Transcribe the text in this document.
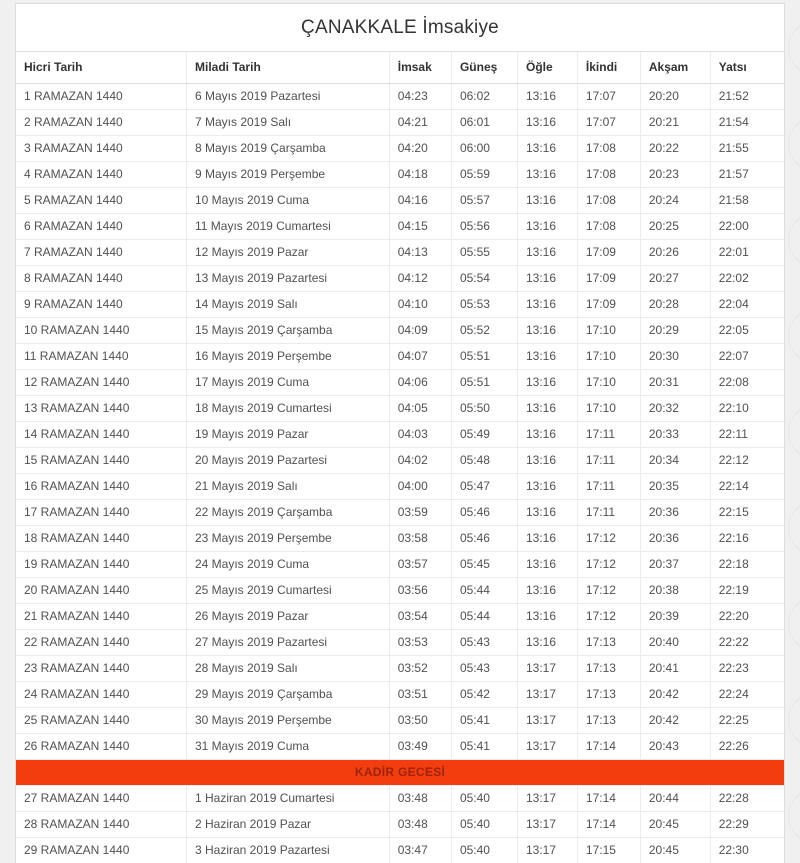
ÇANAKKALE İmsakiye
Hicri Tarih	Miladi Tarih	İmsak	Güneş	Öğle	İkindi	Akşam	Yatsı
1 RAMAZAN 1440	6 Mayıs 2019 Pazartesi	04:23	06:02	13:16	17:07	20:20	21:52
2 RAMAZAN 1440	7 Mayıs 2019 Salı	04:21	06:01	13:16	17:07	20:21	21:54
3 RAMAZAN 1440	8 Mayıs 2019 Çarşamba	04:20	06:00	13:16	17:08	20:22	21:55
4 RAMAZAN 1440	9 Mayıs 2019 Perşembe	04:18	05:59	13:16	17:08	20:23	21:57
5 RAMAZAN 1440	10 Mayıs 2019 Cuma	04:16	05:57	13:16	17:08	20:24	21:58
6 RAMAZAN 1440	11 Mayıs 2019 Cumartesi	04:15	05:56	13:16	17:08	20:25	22:00
7 RAMAZAN 1440	12 Mayıs 2019 Pazar	04:13	05:55	13:16	17:09	20:26	22:01
8 RAMAZAN 1440	13 Mayıs 2019 Pazartesi	04:12	05:54	13:16	17:09	20:27	22:02
9 RAMAZAN 1440	14 Mayıs 2019 Salı	04:10	05:53	13:16	17:09	20:28	22:04
10 RAMAZAN 1440	15 Mayıs 2019 Çarşamba	04:09	05:52	13:16	17:10	20:29	22:05
11 RAMAZAN 1440	16 Mayıs 2019 Perşembe	04:07	05:51	13:16	17:10	20:30	22:07
12 RAMAZAN 1440	17 Mayıs 2019 Cuma	04:06	05:51	13:16	17:10	20:31	22:08
13 RAMAZAN 1440	18 Mayıs 2019 Cumartesi	04:05	05:50	13:16	17:10	20:32	22:10
14 RAMAZAN 1440	19 Mayıs 2019 Pazar	04:03	05:49	13:16	17:11	20:33	22:11
15 RAMAZAN 1440	20 Mayıs 2019 Pazartesi	04:02	05:48	13:16	17:11	20:34	22:12
16 RAMAZAN 1440	21 Mayıs 2019 Salı	04:00	05:47	13:16	17:11	20:35	22:14
17 RAMAZAN 1440	22 Mayıs 2019 Çarşamba	03:59	05:46	13:16	17:11	20:36	22:15
18 RAMAZAN 1440	23 Mayıs 2019 Perşembe	03:58	05:46	13:16	17:12	20:36	22:16
19 RAMAZAN 1440	24 Mayıs 2019 Cuma	03:57	05:45	13:16	17:12	20:37	22:18
20 RAMAZAN 1440	25 Mayıs 2019 Cumartesi	03:56	05:44	13:16	17:12	20:38	22:19
21 RAMAZAN 1440	26 Mayıs 2019 Pazar	03:54	05:44	13:16	17:12	20:39	22:20
22 RAMAZAN 1440	27 Mayıs 2019 Pazartesi	03:53	05:43	13:16	17:13	20:40	22:22
23 RAMAZAN 1440	28 Mayıs 2019 Salı	03:52	05:43	13:17	17:13	20:41	22:23
24 RAMAZAN 1440	29 Mayıs 2019 Çarşamba	03:51	05:42	13:17	17:13	20:42	22:24
25 RAMAZAN 1440	30 Mayıs 2019 Perşembe	03:50	05:41	13:17	17:13	20:42	22:25
26 RAMAZAN 1440	31 Mayıs 2019 Cuma	03:49	05:41	13:17	17:14	20:43	22:26
KADİR GECESİ							
27 RAMAZAN 1440	1 Haziran 2019 Cumartesi	03:48	05:40	13:17	17:14	20:44	22:28
28 RAMAZAN 1440	2 Haziran 2019 Pazar	03:48	05:40	13:17	17:14	20:45	22:29
29 RAMAZAN 1440	3 Haziran 2019 Pazartesi	03:47	05:40	13:17	17:15	20:45	22:30
